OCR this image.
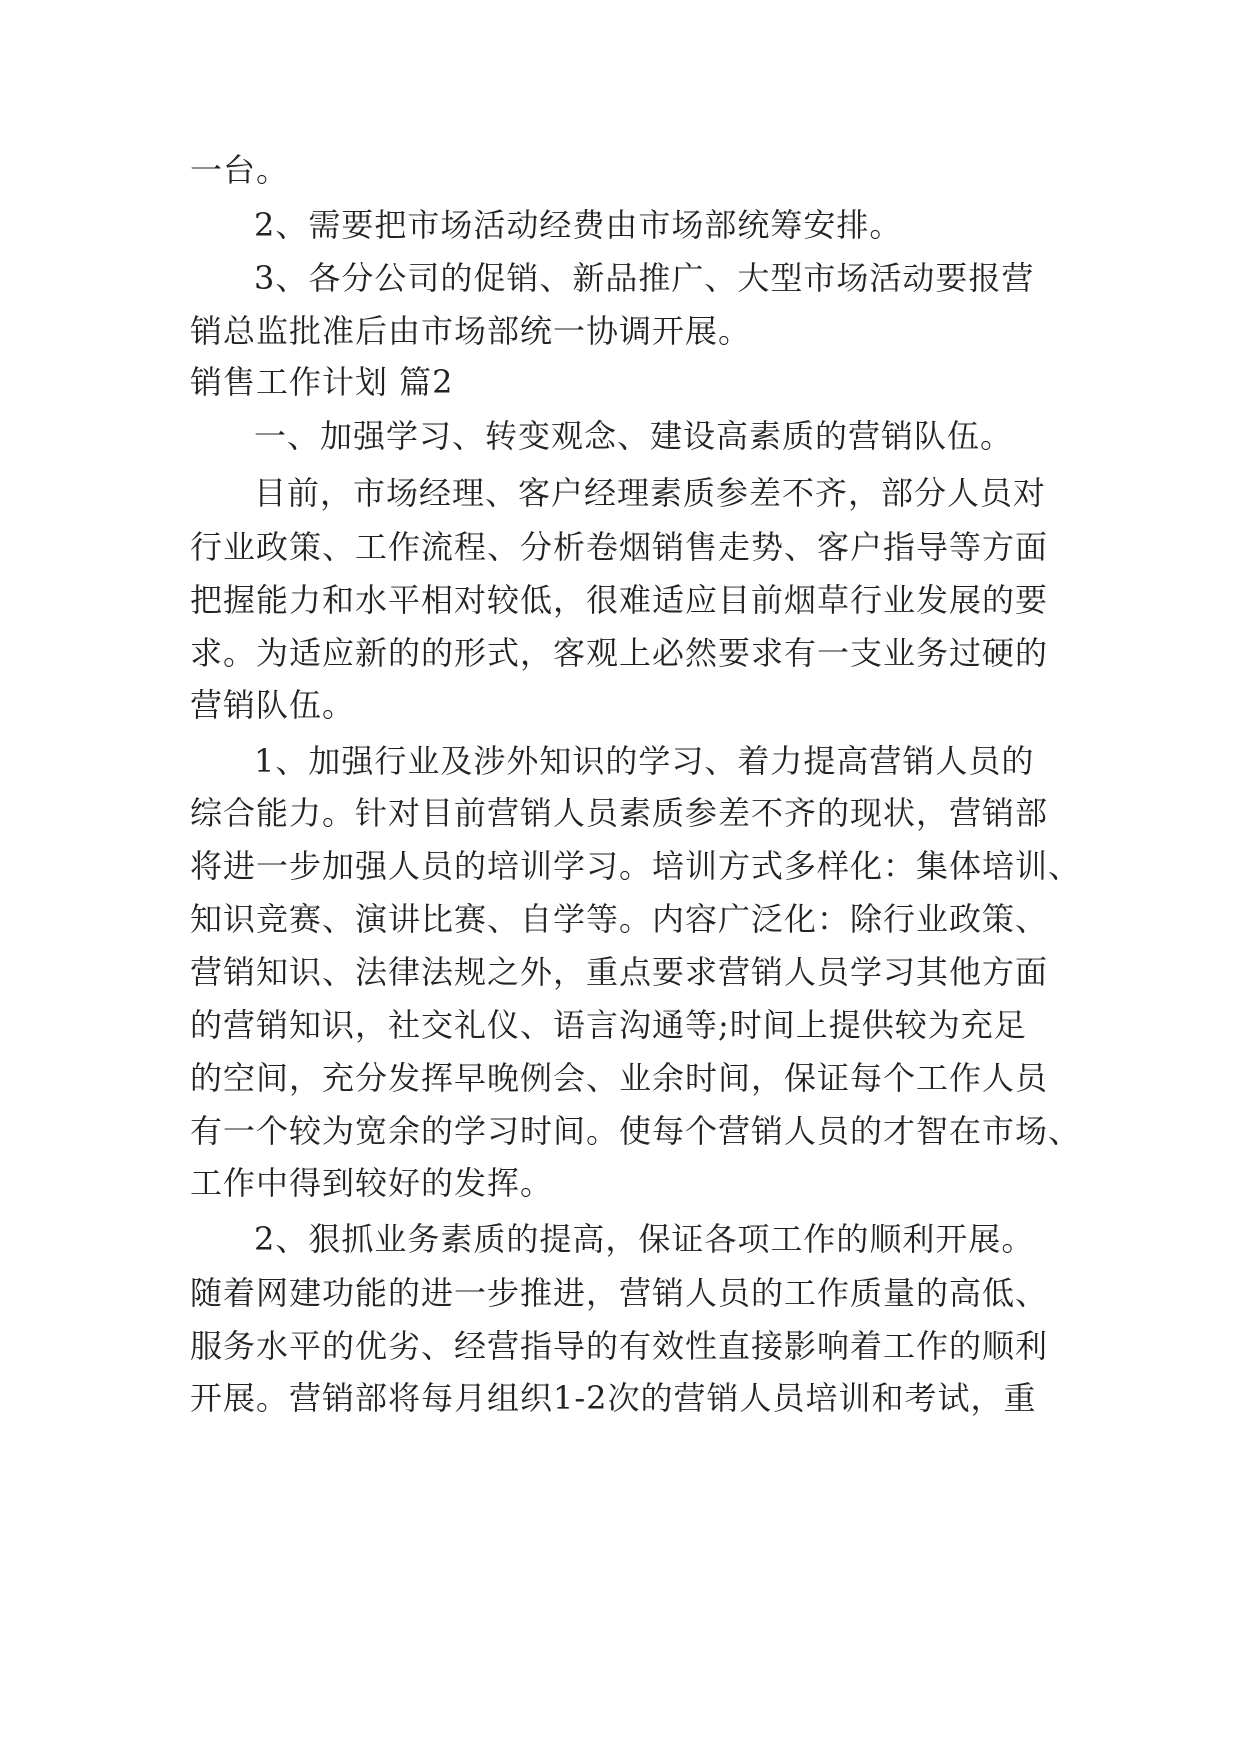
一台。
2、需要把市场活动经费由市场部统筹安排。
3、各分公司的促销、新品推广、大型市场活动要报营
销总监批准后由市场部统一协调开展。
销售工作计划 篇2
一、加强学习、转变观念、建设高素质的营销队伍。
目前，市场经理、客户经理素质参差不齐，部分人员对
行业政策、工作流程、分析卷烟销售走势、客户指导等方面
把握能力和水平相对较低，很难适应目前烟草行业发展的要
求。为适应新的的形式，客观上必然要求有一支业务过硬的
营销队伍。
1、加强行业及涉外知识的学习、着力提高营销人员的
综合能力。针对目前营销人员素质参差不齐的现状，营销部
将进一步加强人员的培训学习。培训方式多样化：集体培训、
知识竞赛、演讲比赛、自学等。内容广泛化：除行业政策、
营销知识、法律法规之外，重点要求营销人员学习其他方面
的营销知识，社交礼仪、语言沟通等;时间上提供较为充足
的空间，充分发挥早晚例会、业余时间，保证每个工作人员
有一个较为宽余的学习时间。使每个营销人员的才智在市场、
工作中得到较好的发挥。
2、狠抓业务素质的提高，保证各项工作的顺利开展。
随着网建功能的进一步推进，营销人员的工作质量的高低、
服务水平的优劣、经营指导的有效性直接影响着工作的顺利
开展。营销部将每月组织1-2次的营销人员培训和考试，重
